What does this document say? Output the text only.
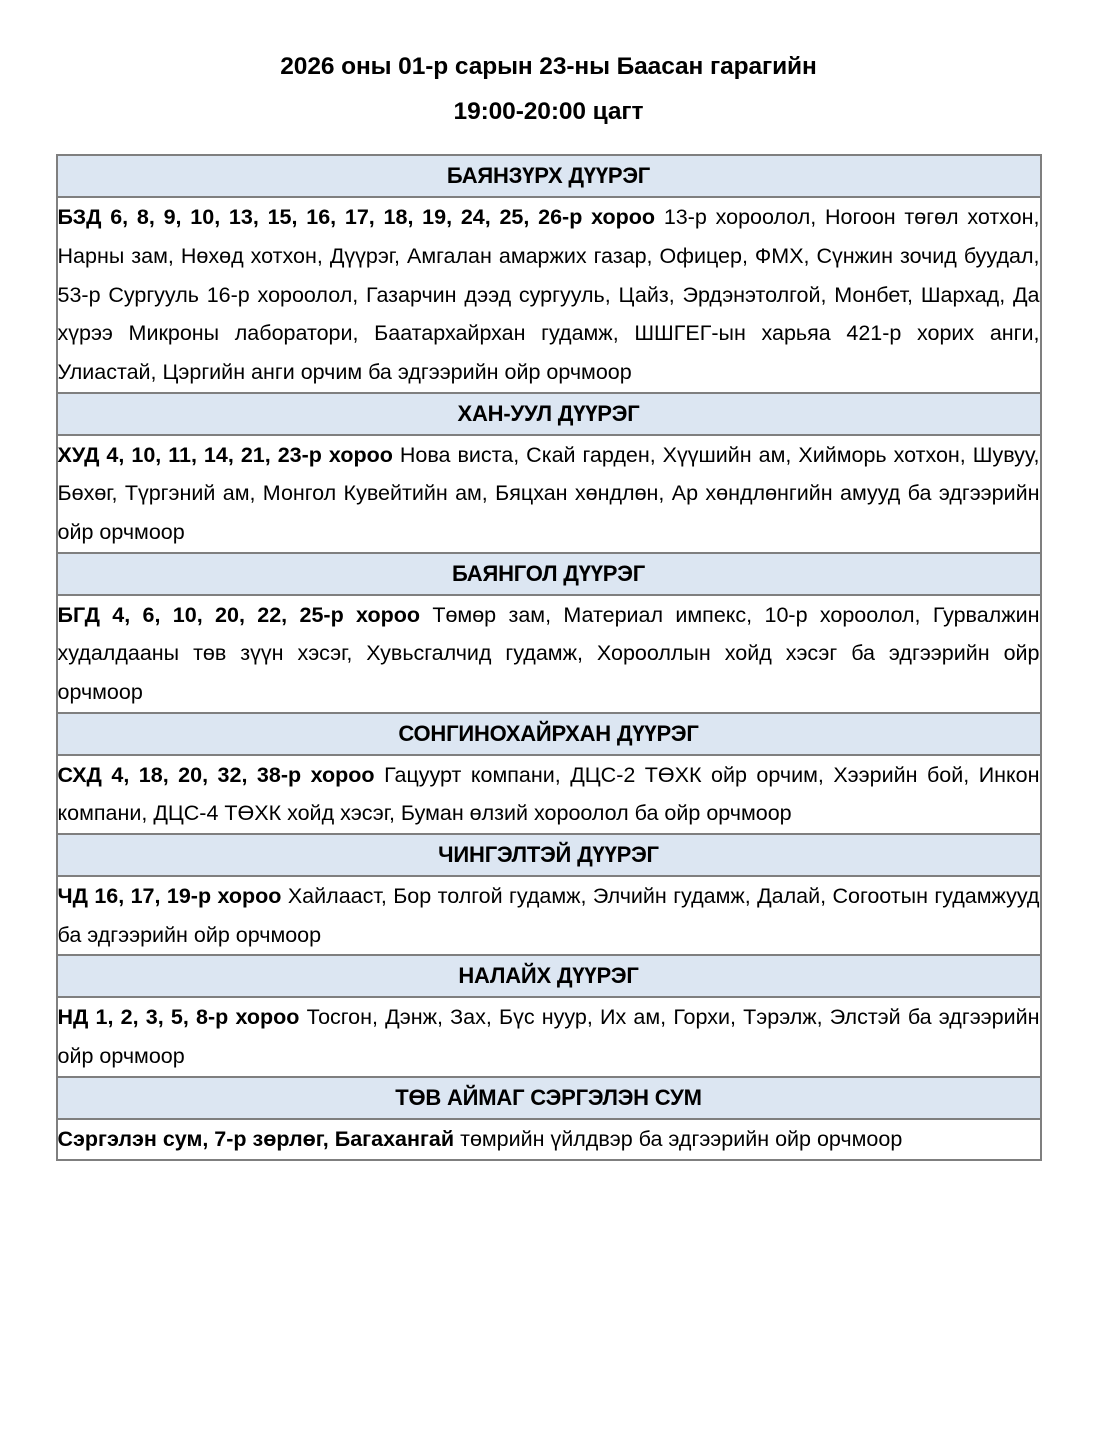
2026 оны 01-р сарын 23-ны Баасан гарагийн
19:00-20:00 цагт
БАЯНЗҮРХ ДҮҮРЭГ
БЗД 6, 8, 9, 10, 13, 15, 16, 17, 18, 19, 24, 25, 26-р хороо 13-р хороолол, Ногоон төгөл хотхон, Нарны зам, Нөхөд хотхон, Дүүрэг, Амгалан амаржих газар, Офицер, ФМХ, Сүнжин зочид буудал, 53-р Сургууль 16-р хороолол, Газарчин дээд сургууль, Цайз, Эрдэнэтолгой, Монбет, Шархад, Да хүрээ Микроны лаборатори, Баатархайрхан гудамж, ШШГЕГ-ын харьяа 421-р хорих анги, Улиастай, Цэргийн анги орчим ба эдгээрийн ойр орчмоор
ХАН-УУЛ ДҮҮРЭГ
ХУД 4, 10, 11, 14, 21, 23-р хороо Нова виста, Скай гарден, Хүүшийн ам, Хийморь хотхон, Шувуу, Бөхөг, Түргэний ам, Монгол Кувейтийн ам, Бяцхан хөндлөн, Ар хөндлөнгийн амууд ба эдгээрийн ойр орчмоор
БАЯНГОЛ ДҮҮРЭГ
БГД 4, 6, 10, 20, 22, 25-р хороо Төмөр зам, Материал импекс, 10-р хороолол, Гурвалжин худалдааны төв зүүн хэсэг, Хувьсгалчид гудамж, Хорооллын хойд хэсэг ба эдгээрийн ойр орчмоор
СОНГИНОХАЙРХАН ДҮҮРЭГ
СХД 4, 18, 20, 32, 38-р хороо Гацуурт компани, ДЦС-2 ТӨХК ойр орчим, Хээрийн бой, Инкон компани, ДЦС-4 ТӨХК хойд хэсэг, Буман өлзий хороолол ба ойр орчмоор
ЧИНГЭЛТЭЙ ДҮҮРЭГ
ЧД 16, 17, 19-р хороо Хайлааст, Бор толгой гудамж, Элчийн гудамж, Далай, Согоотын гудамжууд ба эдгээрийн ойр орчмоор
НАЛАЙХ ДҮҮРЭГ
НД 1, 2, 3, 5, 8-р хороо Тосгон, Дэнж, Зах, Бүс нуур, Их ам, Горхи, Тэрэлж, Элстэй ба эдгээрийн ойр орчмоор
ТӨВ АЙМАГ СЭРГЭЛЭН СУМ
Сэргэлэн сум, 7-р зөрлөг, Багахангай төмрийн үйлдвэр ба эдгээрийн ойр орчмоор
